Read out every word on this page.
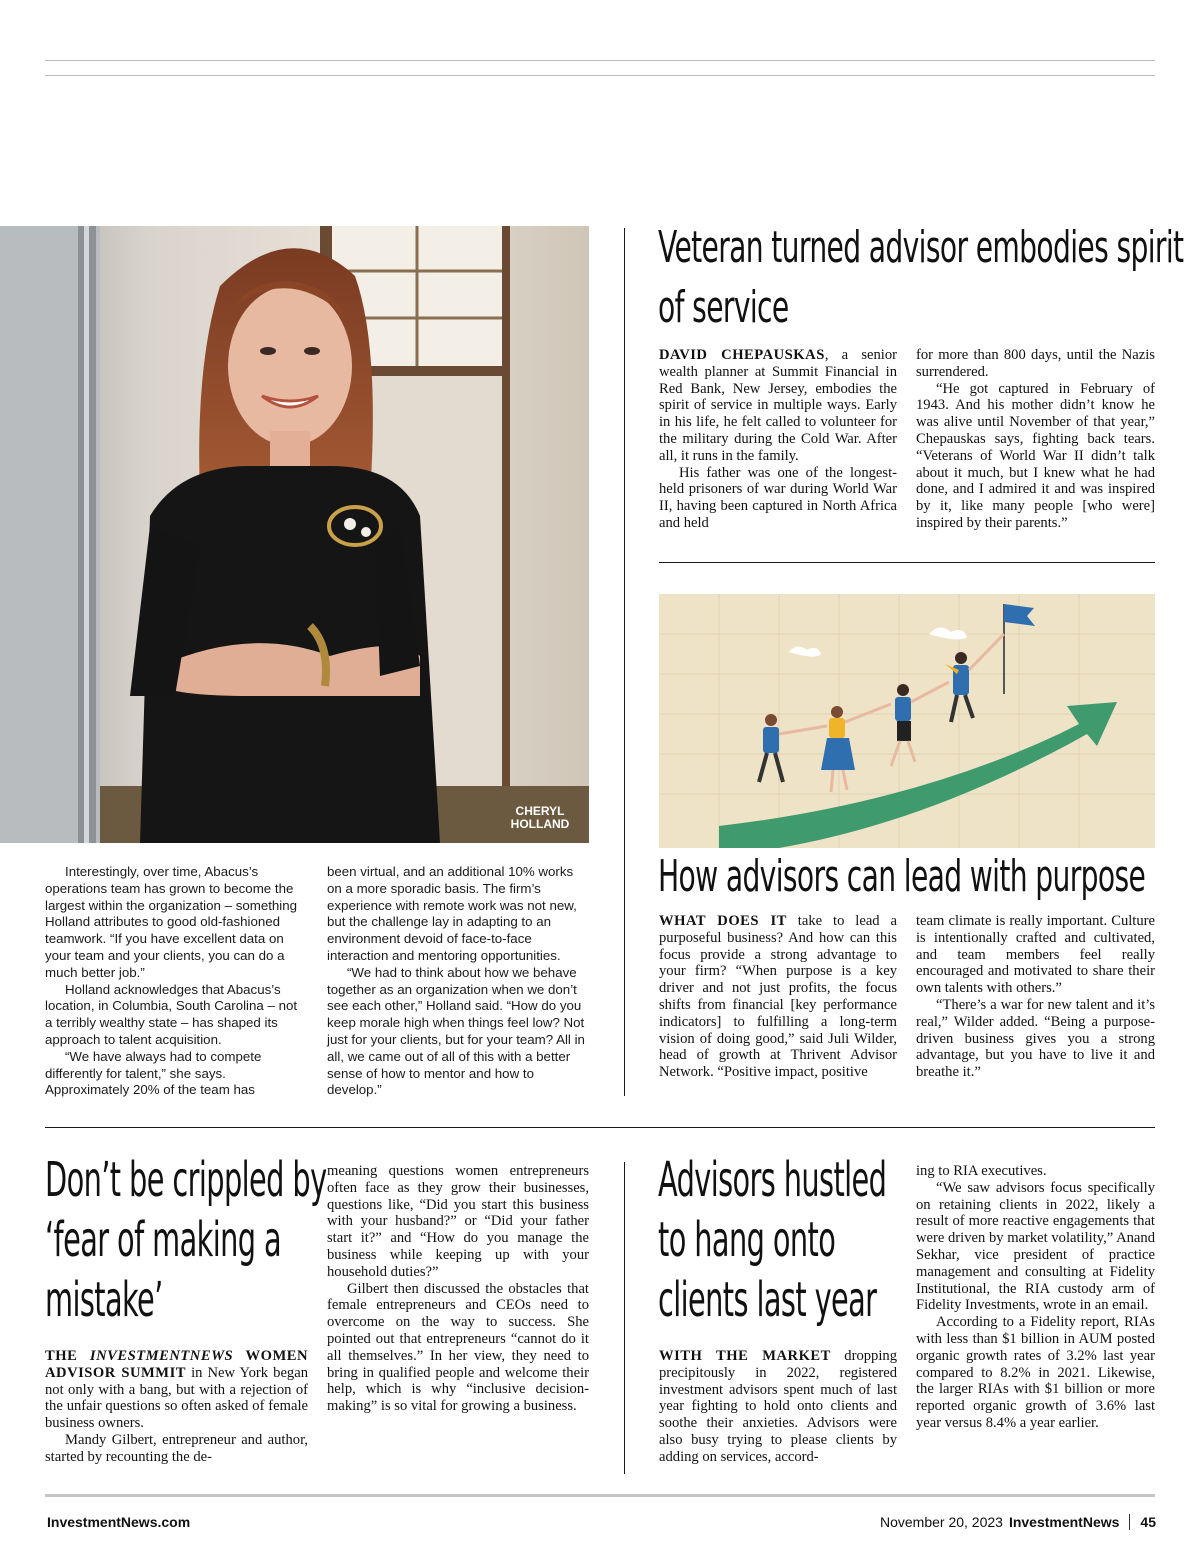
CHERYL
HOLLAND

Interestingly, over time, Abacus’s operations team has grown to become the largest within the organization – something Holland attributes to good old-fashioned teamwork. “If you have excellent data on your team and your clients, you can do a much better job.”

Holland acknowledges that Abacus’s location, in Columbia, South Carolina – not a terribly wealthy state – has shaped its approach to talent acquisition.

“We have always had to compete differently for talent,” she says. Approximately 20% of the team has

been virtual, and an additional 10% works on a more sporadic basis. The firm’s experience with remote work was not new, but the challenge lay in adapting to an environment devoid of face-to-face interaction and mentoring opportunities.

“We had to think about how we behave together as an organization when we don’t see each other,” Holland said. “How do you keep morale high when things feel low? Not just for your clients, but for your team? All in all, we came out of all of this with a better sense of how to mentor and how to develop.”

Veteran turned advisor embodies spirit
of service

DAVID CHEPAUSKAS, a senior wealth planner at Summit Financial in Red Bank, New Jersey, embodies the spirit of service in multiple ways. Early in his life, he felt called to volunteer for the military during the Cold War. After all, it runs in the family.

His father was one of the longest-held prisoners of war during World War II, having been captured in North Africa and held

for more than 800 days, until the Nazis surrendered.

“He got captured in February of 1943. And his mother didn’t know he was alive until November of that year,” Chepauskas says, fighting back tears. “Veterans of World War II didn’t talk about it much, but I knew what he had done, and I admired it and was inspired by it, like many people [who were] inspired by their parents.”

How advisors can lead with purpose

WHAT DOES IT take to lead a purposeful business? And how can this focus provide a strong advantage to your firm? “When purpose is a key driver and not just profits, the focus shifts from financial [key performance indicators] to fulfilling a long-term vision of doing good,” said Juli Wilder, head of growth at Thrivent Advisor Network. “Positive impact, positive

team climate is really important. Culture is intentionally crafted and cultivated, and team members feel really encouraged and motivated to share their own talents with others.”

“There’s a war for new talent and it’s real,” Wilder added. “Being a purpose-driven business gives you a strong advantage, but you have to live it and breathe it.”

Don’t be crippled by
‘fear of making a
mistake’

THE INVESTMENTNEWS WOMEN ADVISOR SUMMIT in New York began not only with a bang, but with a rejection of the unfair questions so often asked of female business owners.

Mandy Gilbert, entrepreneur and author, started by recounting the de-

meaning questions women entrepreneurs often face as they grow their businesses, questions like, “Did you start this business with your husband?” or “Did your father start it?” and “How do you manage the business while keeping up with your household duties?”

Gilbert then discussed the obstacles that female entrepreneurs and CEOs need to overcome on the way to success. She pointed out that entrepreneurs “cannot do it all themselves.” In her view, they need to bring in qualified people and welcome their help, which is why “inclusive decision-making” is so vital for growing a business.

Advisors hustled
to hang onto
clients last year

WITH THE MARKET dropping precipitously in 2022, registered investment advisors spent much of last year fighting to hold onto clients and soothe their anxieties. Advisors were also busy trying to please clients by adding on services, accord-

ing to RIA executives.

“We saw advisors focus specifically on retaining clients in 2022, likely a result of more reactive engagements that were driven by market volatility,” Anand Sekhar, vice president of practice management and consulting at Fidelity Institutional, the RIA custody arm of Fidelity Investments, wrote in an email.

According to a Fidelity report, RIAs with less than $1 billion in AUM posted organic growth rates of 3.2% last year compared to 8.2% in 2021. Likewise, the larger RIAs with $1 billion or more reported organic growth of 3.6% last year versus 8.4% a year earlier.

InvestmentNews.com	November 20, 2023 InvestmentNews 45
